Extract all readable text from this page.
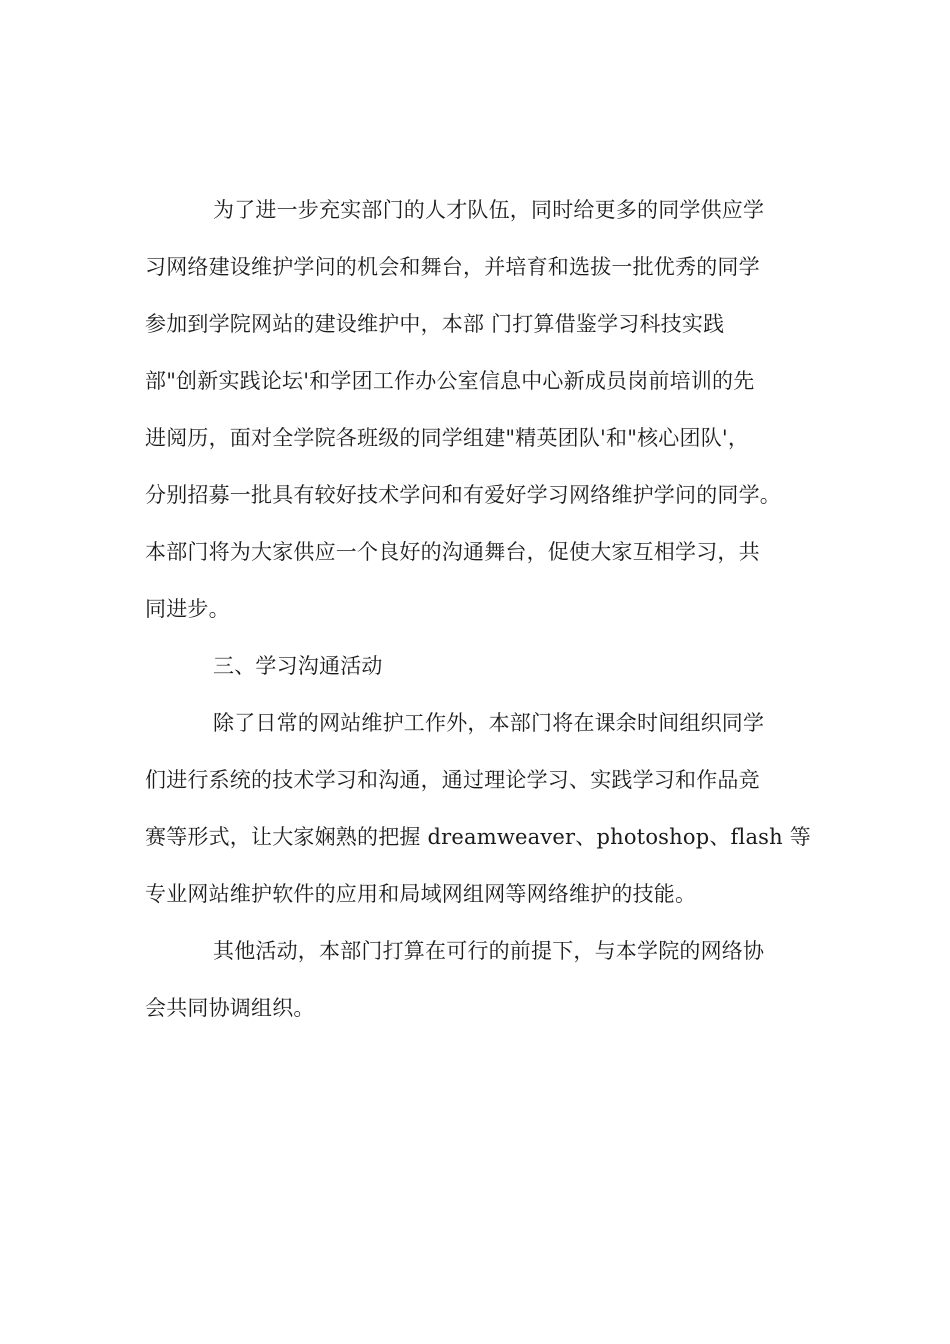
为了进一步充实部门的人才队伍，同时给更多的同学供应学
习网络建设维护学问的机会和舞台，并培育和选拔一批优秀的同学
参加到学院网站的建设维护中，本部 门打算借鉴学习科技实践
部"创新实践论坛'和学团工作办公室信息中心新成员岗前培训的先
进阅历，面对全学院各班级的同学组建"精英团队'和"核心团队'，
分别招募一批具有较好技术学问和有爱好学习网络维护学问的同学。
本部门将为大家供应一个良好的沟通舞台，促使大家互相学习，共
同进步。
三、学习沟通活动
除了日常的网站维护工作外，本部门将在课余时间组织同学
们进行系统的技术学习和沟通，通过理论学习、实践学习和作品竞
赛等形式，让大家娴熟的把握 dreamweaver、photoshop、flash 等
专业网站维护软件的应用和局域网组网等网络维护的技能。
其他活动，本部门打算在可行的前提下，与本学院的网络协
会共同协调组织。
